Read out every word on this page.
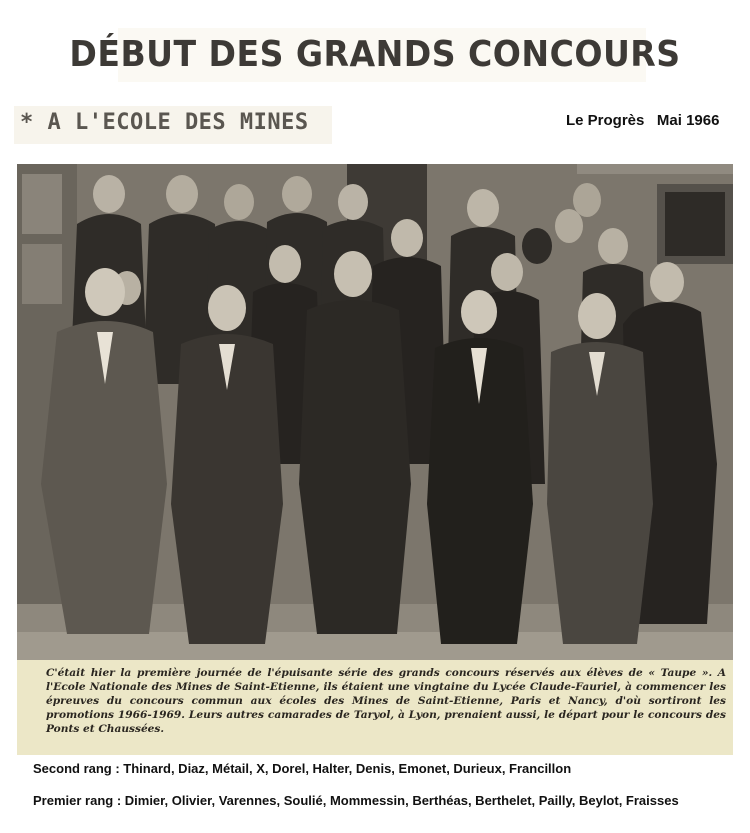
DÉBUT DES GRANDS CONCOURS
* A L'ECOLE DES MINES	Le Progrès Mai 1966
C'était hier la première journée de l'épuisante série des grands concours réservés aux élèves de « Taupe ». A l'Ecole Nationale des Mines de Saint-Etienne, ils étaient une vingtaine du Lycée Claude-Fauriel, à commencer les épreuves du concours commun aux écoles des Mines de Saint-Etienne, Paris et Nancy, d'où sortiront les promotions 1966-1969. Leurs autres camarades de Taryol, à Lyon, prenaient aussi, le départ pour le concours des Ponts et Chaussées.
Second rang : Thinard, Diaz, Métail, X, Dorel, Halter, Denis, Emonet, Durieux, Francillon
Premier rang : Dimier, Olivier, Varennes, Soulié, Mommessin, Berthéas, Berthelet, Pailly, Beylot, Fraisses
